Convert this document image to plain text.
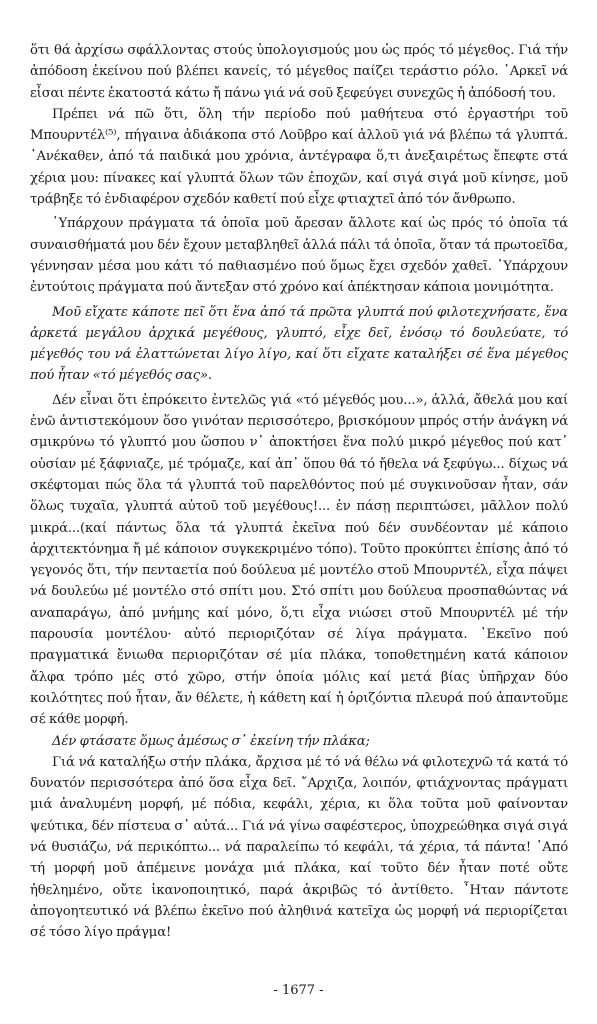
ὅτι θά ἀρχίσω σφάλλοντας στούς ὑπολογισμούς μου ὡς πρός τό μέγεθος. Γιά τήν ἀπόδοση ἐκείνου πού βλέπει κανείς, τό μέγεθος παίζει τεράστιο ρόλο. ᾽Αρκεῖ νά εἶσαι πέντε ἑκατοστά κάτω ἤ πάνω γιά νά σοῦ ξεφεύγει συνεχῶς ἡ ἀπόδοσή του.

Πρέπει νά πῶ ὅτι, ὅλη τήν περίοδο πού μαθήτευα στό ἐργαστήρι τοῦ Μπουρντέλ⁽⁵⁾, πήγαινα ἀδιάκοπα στό Λοῦβρο καί ἀλλοῦ γιά νά βλέπω τά γλυπτά. ᾽Ανέκαθεν, ἀπό τά παιδικά μου χρόνια, ἀντέγραφα ὅ,τι ἀνεξαιρέτως ἔπεφτε στά χέρια μου: πίνακες καί γλυπτά ὅλων τῶν ἐποχῶν, καί σιγά σιγά μοῦ κίνησε, μοῦ τράβηξε τό ἐνδιαφέρον σχεδόν καθετί πού εἶχε φτιαχτεῖ ἀπό τόν ἄνθρωπο.

῾Υπάρχουν πράγματα τά ὁποῖα μοῦ ἄρεσαν ἄλλοτε καί ὡς πρός τό ὁποῖα τά συναισθήματά μου δέν ἔχουν μεταβληθεῖ ἀλλά πάλι τά ὁποῖα, ὅταν τά πρωτοεῖδα, γέννησαν μέσα μου κάτι τό παθιασμένο πού ὅμως ἔχει σχεδόν χαθεῖ. ῾Υπάρχουν ἐντούτοις πράγματα πού ἄντεξαν στό χρόνο καί ἀπέκτησαν κάποια μονιμότητα.

Μοῦ εἴχατε κάποτε πεῖ ὅτι ἕνα ἀπό τά πρῶτα γλυπτά πού φιλοτεχνήσατε, ἕνα ἀρκετά μεγάλου ἀρχικά μεγέθους, γλυπτό, εἶχε δεῖ, ἐνόσῳ τό δουλεύατε, τό μέγεθός του νά ἐλαττώνεται λίγο λίγο, καί ὅτι εἴχατε καταλήξει σέ ἕνα μέγεθος πού ἦταν «τό μέγεθός σας».

Δέν εἶναι ὅτι ἐπρόκειτο ἐντελῶς γιά «τό μέγεθός μου...», ἀλλά, ἄθελά μου καί ἐνῶ ἀντιστεκόμουν ὅσο γινόταν περισσότερο, βρισκόμουν μπρός στήν ἀνάγκη νά σμικρύνω τό γλυπτό μου ὥσπου ν᾽ ἀποκτήσει ἕνα πολύ μικρό μέγεθος πού κατ᾽ οὐσίαν μέ ξάφνιαζε, μέ τρόμαζε, καί ἀπ᾽ ὅπου θά τό ἤθελα νά ξεφύγω... δίχως νά σκέφτομαι πώς ὅλα τά γλυπτά τοῦ παρελθόντος πού μέ συγκινοῦσαν ἦταν, σάν ὅλως τυχαῖα, γλυπτά αὐτοῦ τοῦ μεγέθους!... ἐν πάσῃ περιπτώσει, μᾶλλον πολύ μικρά...(καί πάντως ὅλα τά γλυπτά ἐκεῖνα πού δέν συνδέονταν μέ κάποιο ἀρχιτεκτόνημα ἤ μέ κάποιον συγκεκριμένο τόπο). Τοῦτο προκύπτει ἐπίσης ἀπό τό γεγονός ὅτι, τήν πενταετία πού δούλευα μέ μοντέλο στοῦ Μπουρντέλ, εἶχα πάψει νά δουλεύω μέ μοντέλο στό σπίτι μου. Στό σπίτι μου δούλευα προσπαθώντας νά αναπαράγω, ἀπό μνήμης καί μόνο, ὅ,τι εἶχα νιώσει στοῦ Μπουρντέλ μέ τήν παρουσία μοντέλου· αὐτό περιοριζόταν σέ λίγα πράγματα. ᾽Εκεῖνο πού πραγματικά ἔνιωθα περιοριζόταν σέ μία πλάκα, τοποθετημένη κατά κάποιον ἄλφα τρόπο μές στό χῶρο, στήν ὁποία μόλις καί μετά βίας ὑπῆρχαν δύο κοιλότητες πού ἦταν, ἄν θέλετε, ἡ κάθετη καί ἡ ὁριζόντια πλευρά πού ἀπαντοῦμε σέ κάθε μορφή.

Δέν φτάσατε ὅμως ἀμέσως σ᾽ ἐκείνη τήν πλάκα;

Γιά νά καταλήξω στήν πλάκα, ἄρχισα μέ τό νά θέλω νά φιλοτεχνῶ τά κατά τό δυνατόν περισσότερα ἀπό ὅσα εἶχα δεῖ. ῎Αρχιζα, λοιπόν, φτιάχνοντας πράγματι μιά ἀναλυμένη μορφή, μέ πόδια, κεφάλι, χέρια, κι ὅλα τοῦτα μοῦ φαίνονταν ψεύτικα, δέν πίστευα σ᾽ αὐτά... Γιά νά γίνω σαφέστερος, ὑποχρεώθηκα σιγά σιγά νά θυσιάζω, νά περικόπτω... νά παραλείπω τό κεφάλι, τά χέρια, τά πάντα! ᾽Από τή μορφή μοῦ ἀπέμεινε μονάχα μιά πλάκα, καί τοῦτο δέν ἦταν ποτέ οὔτε ἠθελημένο, οὔτε ἱκανοποιητικό, παρά ἀκριβῶς τό ἀντίθετο. ῏Ηταν πάντοτε ἀπογοητευτικό νά βλέπω ἐκεῖνο πού ἀληθινά κατεῖχα ὡς μορφή νά περιορίζεται σέ τόσο λίγο πράγμα!

- 1677 -
